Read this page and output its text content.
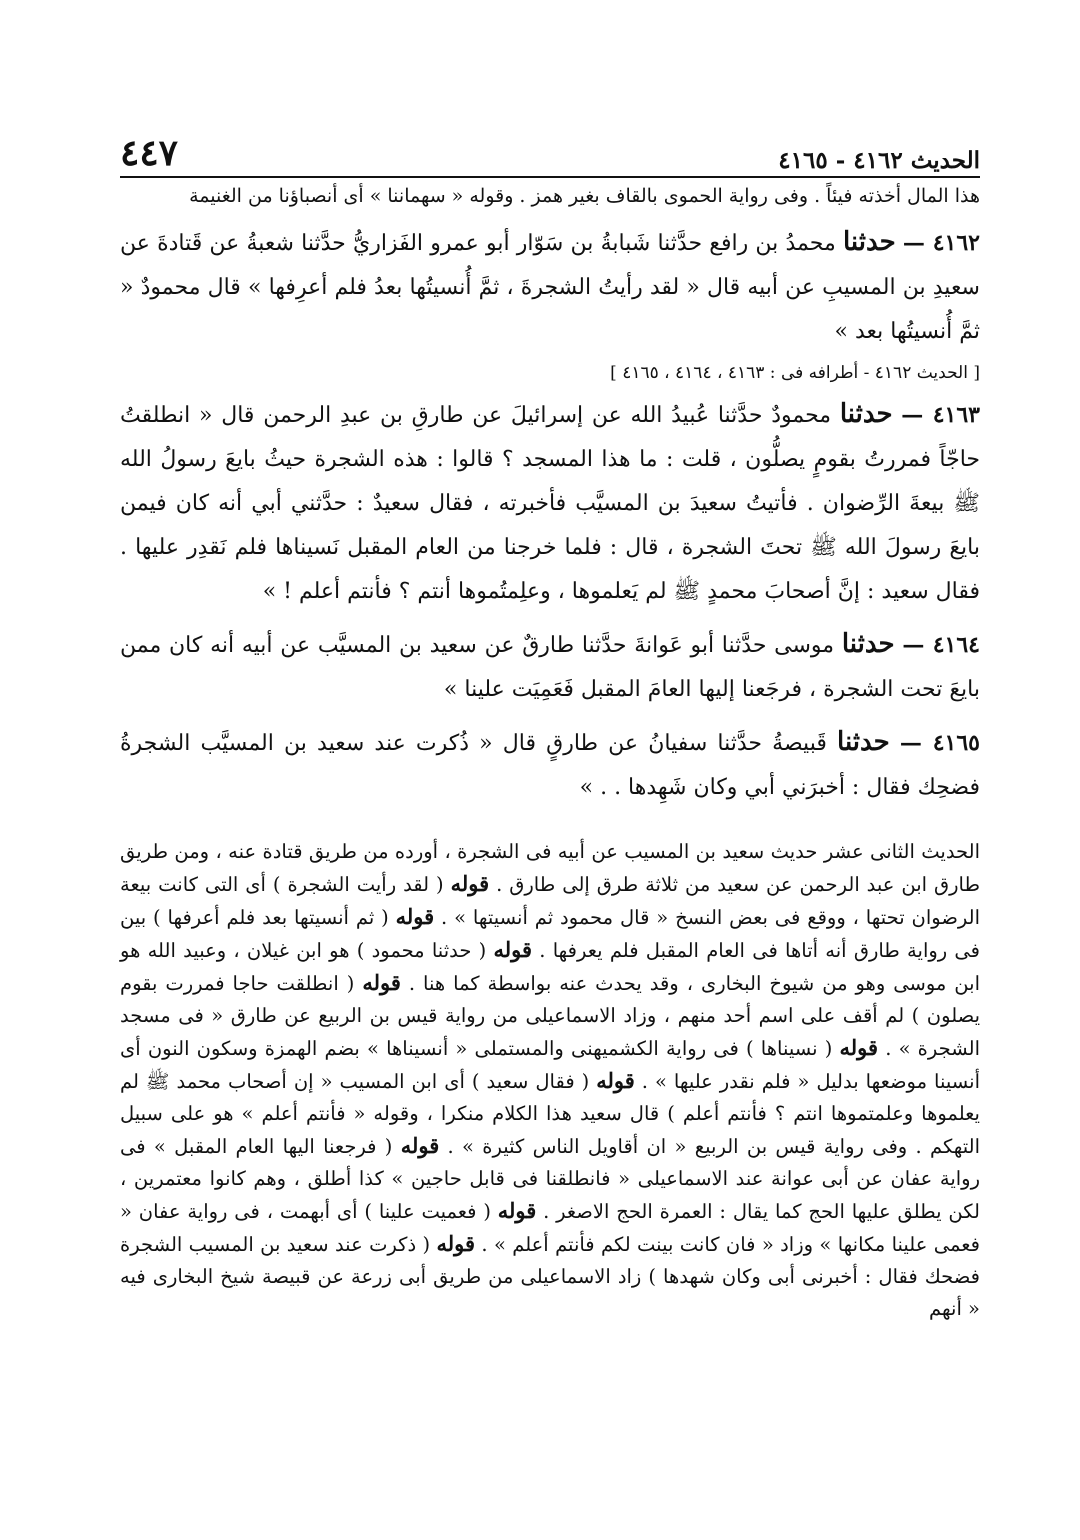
الحديث ٤١٦٢ - ٤١٦٥
٤٤٧

هذا المال أخذته فيئاً . وفى رواية الحموى بالقاف بغير همز . وقوله « سهماننا » أى أنصباؤنا من الغنيمة

٤١٦٢ — حدثنا محمدُ بن رافع حدَّثنا شَبابةُ بن سَوّار أبو عمرو الفَزاريُّ حدَّثنا شعبةُ عن قَتادةَ عن سعيدِ بن المسيبِ عن أبيه قال « لقد رأيتُ الشجرةَ ، ثمَّ أُنسيتُها بعدُ فلم أعرِفها » قال محمودٌ « ثمَّ أُنسيتُها بعد »

[ الحديث ٤١٦٢ - أطرافه فى : ٤١٦٣ ، ٤١٦٤ ، ٤١٦٥ ]

٤١٦٣ — حدثنا محمودٌ حدَّثنا عُبيدُ الله عن إسرائيلَ عن طارقِ بن عبدِ الرحمن قال « انطلقتُ حاجّاً فمررتُ بقومٍ يصلُّون ، قلت : ما هذا المسجد ؟ قالوا : هذه الشجرة حيثُ بايعَ رسولُ الله ﷺ بيعةَ الرِّضوان . فأتيتُ سعيدَ بن المسيَّب فأخبرته ، فقال سعيدٌ : حدَّثني أبي أنه كان فيمن بايعَ رسولَ الله ﷺ تحتَ الشجرة ، قال : فلما خرجنا من العام المقبل نَسيناها فلم نَقدِر عليها . فقال سعيد : إنَّ أصحابَ محمدٍ ﷺ لم يَعلموها ، وعلِمتُموها أنتم ؟ فأنتم أعلم ! »

٤١٦٤ — حدثنا موسى حدَّثنا أبو عَوانةَ حدَّثنا طارقٌ عن سعيد بن المسيَّب عن أبيه أنه كان ممن بايعَ تحت الشجرة ، فرجَعنا إليها العامَ المقبل فَعَمِيَت علينا »

٤١٦٥ — حدثنا قَبيصةُ حدَّثنا سفيانُ عن طارقٍ قال « ذُكرت عند سعيد بن المسيَّب الشجرةُ فضحِك فقال : أخبرَني أبي وكان شَهِدها . . »

الحديث الثانى عشر حديث سعيد بن المسيب عن أبيه فى الشجرة ، أورده من طريق قتادة عنه ، ومن طريق طارق ابن عبد الرحمن عن سعيد من ثلاثة طرق إلى طارق . قوله ( لقد رأيت الشجرة ) أى التى كانت بيعة الرضوان تحتها ، ووقع فى بعض النسخ « قال محمود ثم أنسيتها » . قوله ( ثم أنسيتها بعد فلم أعرفها ) بين فى رواية طارق أنه أتاها فى العام المقبل فلم يعرفها . قوله ( حدثنا محمود ) هو ابن غيلان ، وعبيد الله هو ابن موسى وهو من شيوخ البخارى ، وقد يحدث عنه بواسطة كما هنا . قوله ( انطلقت حاجا فمررت بقوم يصلون ) لم أقف على اسم أحد منهم ، وزاد الاسماعيلى من رواية قيس بن الربيع عن طارق « فى مسجد الشجرة » . قوله ( نسيناها ) فى رواية الكشميهنى والمستملى « أنسيناها » بضم الهمزة وسكون النون أى أنسينا موضعها بدليل « فلم نقدر عليها » . قوله ( فقال سعيد ) أى ابن المسيب « إن أصحاب محمد ﷺ لم يعلموها وعلمتموها انتم ؟ فأنتم أعلم ) قال سعيد هذا الكلام منكرا ، وقوله « فأنتم أعلم » هو على سبيل التهكم . وفى رواية قيس بن الربيع « ان أقاويل الناس كثيرة » . قوله ( فرجعنا اليها العام المقبل » فى رواية عفان عن أبى عوانة عند الاسماعيلى « فانطلقنا فى قابل حاجين » كذا أطلق ، وهم كانوا معتمرين ، لكن يطلق عليها الحج كما يقال : العمرة الحج الاصغر . قوله ( فعميت علينا ) أى أبهمت ، فى رواية عفان « فعمى علينا مكانها » وزاد « فان كانت بينت لكم فأنتم أعلم » . قوله ( ذكرت عند سعيد بن المسيب الشجرة فضحك فقال : أخبرنى أبى وكان شهدها ) زاد الاسماعيلى من طريق أبى زرعة عن قبيصة شيخ البخارى فيه « أنهم
